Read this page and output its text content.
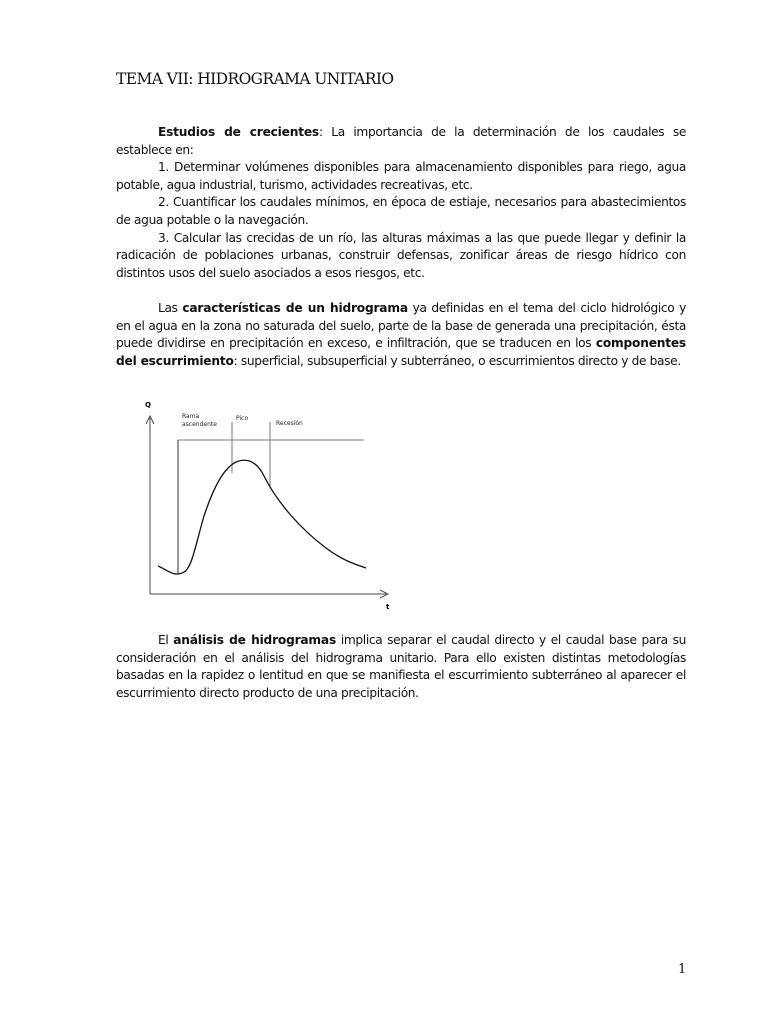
TEMA VII: HIDROGRAMA UNITARIO

Estudios de crecientes: La importancia de la determinación de los caudales se establece en:

1. Determinar volúmenes disponibles para almacenamiento disponibles para riego, agua potable, agua industrial, turismo, actividades recreativas, etc.

2. Cuantificar los caudales mínimos, en época de estiaje, necesarios para abastecimientos de agua potable o la navegación.

3. Calcular las crecidas de un río, las alturas máximas a las que puede llegar y definir la radicación de poblaciones urbanas, construir defensas, zonificar áreas de riesgo hídrico con distintos usos del suelo asociados a esos riesgos, etc.

Las características de un hidrograma ya definidas en el tema del ciclo hidrológico y en el agua en la zona no saturada del suelo, parte de la base de generada una precipitación, ésta puede dividirse en precipitación en exceso, e infiltración, que se traducen en los componentes del escurrimiento: superficial, subsuperficial y subterráneo, o escurrimientos directo y de base.

Q
t
Rama ascendente
Pico
Recesión

El análisis de hidrogramas implica separar el caudal directo y el caudal base para su consideración en el análisis del hidrograma unitario. Para ello existen distintas metodologías basadas en la rapidez o lentitud en que se manifiesta el escurrimiento subterráneo al aparecer el escurrimiento directo producto de una precipitación.

1
